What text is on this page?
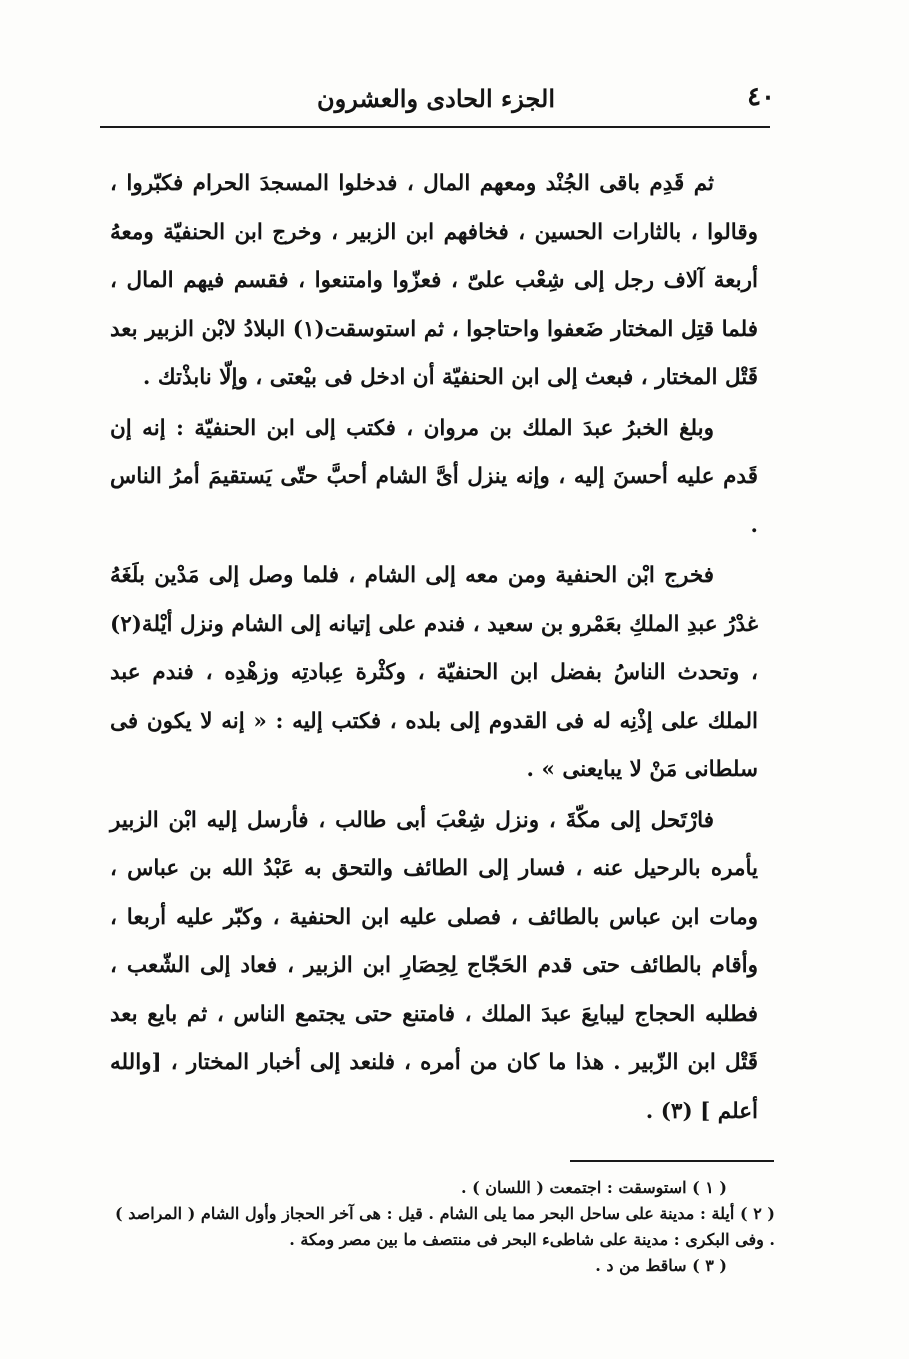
٤٠
الجزء الحادى والعشرون

ثم قَدِم باقى الجُنْد ومعهم المال ، فدخلوا المسجدَ الحرام فكبّروا ، وقالوا ، بالثارات الحسين ، فخافهم ابن الزبير ، وخرج ابن الحنفيّة ومعهُ أربعة آلاف رجل إلى شِعْب علىّ ، فعزّوا وامتنعوا ، فقسم فيهم المال ، فلما قتِل المختار ضَعفوا واحتاجوا ، ثم استوسقت(١) البلادُ لابْن الزبير بعد قَتْل المختار ، فبعث إلى ابن الحنفيّة أن ادخل فى بيْعتى ، وإلّا نابذْتك .

وبلغ الخبرُ عبدَ الملك بن مروان ، فكتب إلى ابن الحنفيّة : إنه إن قَدم عليه أحسنَ إليه ، وإنه ينزل أىَّ الشام أحبَّ حتّى يَستقيمَ أمرُ الناس .

فخرج ابْن الحنفية ومن معه إلى الشام ، فلما وصل إلى مَدْين بلَغَهُ غدْرُ عبدِ الملكِ بعَمْرو بن سعيد ، فندم على إتيانه إلى الشام ونزل أيْلة(٢) ، وتحدث الناسُ بفضل ابن الحنفيّة ، وكثْرة عِبادتِه وزهْدِه ، فندم عبد الملك على إذْنِه له فى القدوم إلى بلده ، فكتب إليه : « إنه لا يكون فى سلطانى مَنْ لا يبايعنى » .

فارْتَحل إلى مكّةَ ، ونزل شِعْبَ أبى طالب ، فأرسل إليه ابْن الزبير يأمره بالرحيل عنه ، فسار إلى الطائف والتحق به عَبْدُ الله بن عباس ، ومات ابن عباس بالطائف ، فصلى عليه ابن الحنفية ، وكبّر عليه أربعا ، وأقام بالطائف حتى قدم الحَجّاج لِحِصَارِ ابن الزبير ، فعاد إلى الشّعب ، فطلبه الحجاج ليبايعَ عبدَ الملك ، فامتنع حتى يجتمع الناس ، ثم بايع بعد قَتْل ابن الزّبير . هذا ما كان من أمره ، فلنعد إلى أخبار المختار ، [والله أعلم ] (٣) .

( ١ ) استوسقت : اجتمعت ( اللسان ) .

( ٢ ) أيلة : مدينة على ساحل البحر مما يلى الشام . قيل : هى آخر الحجاز وأول الشام ( المراصد ) . وفى البكرى : مدينة على شاطىء البحر فى منتصف ما بين مصر ومكة .

( ٣ ) ساقط من د .
